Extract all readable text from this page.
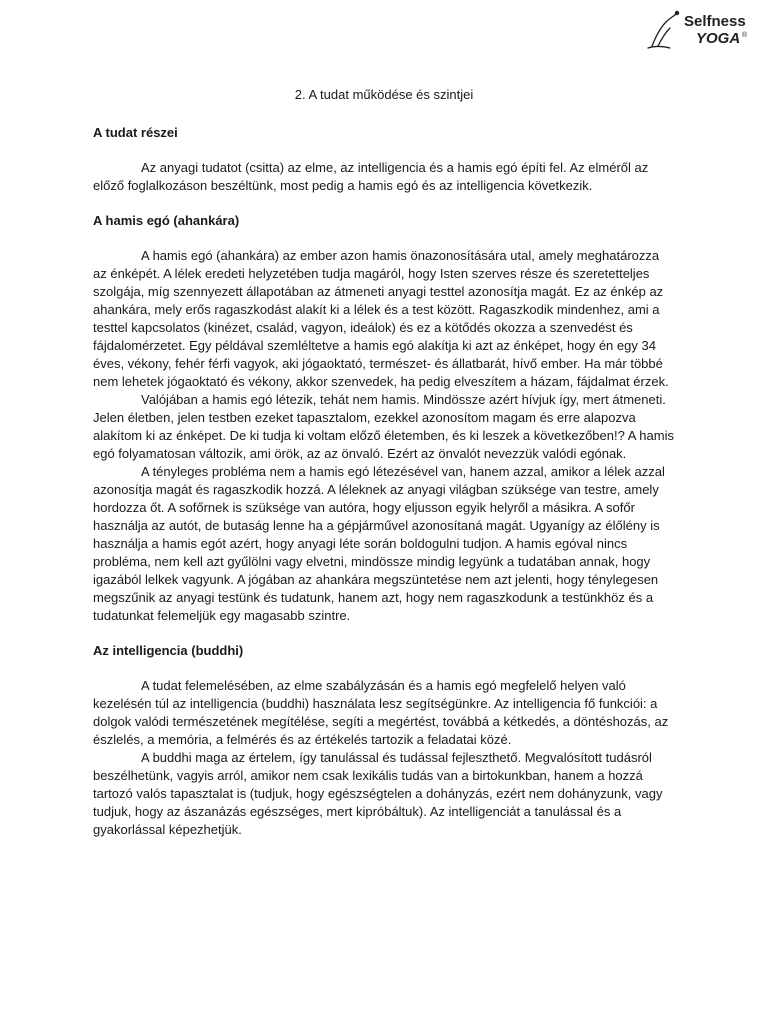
Selfness
YOGA ®
2. A tudat működése és szintjei
A tudat részei

Az anyagi tudatot (csitta) az elme, az intelligencia és a hamis egó építi fel. Az elméről az előző foglalkozáson beszéltünk, most pedig a hamis egó és az intelligencia következik.

A hamis egó (ahankára)

A hamis egó (ahankára) az ember azon hamis önazonosítására utal, amely meghatározza az énképét. A lélek eredeti helyzetében tudja magáról, hogy Isten szerves része és szeretetteljes szolgája, míg szennyezett állapotában az átmeneti anyagi testtel azonosítja magát. Ez az énkép az ahankára, mely erős ragaszkodást alakít ki a lélek és a test között. Ragaszkodik mindenhez, ami a testtel kapcsolatos (kinézet, család, vagyon, ideálok) és ez a kötődés okozza a szenvedést és fájdalomérzetet. Egy példával szemléltetve a hamis egó alakítja ki azt az énképet, hogy én egy 34 éves, vékony, fehér férfi vagyok, aki jógaoktató, természet- és állatbarát, hívő ember. Ha már többé nem lehetek jógaoktató és vékony, akkor szenvedek, ha pedig elveszítem a házam, fájdalmat érzek.

Valójában a hamis egó létezik, tehát nem hamis. Mindössze azért hívjuk így, mert átmeneti. Jelen életben, jelen testben ezeket tapasztalom, ezekkel azonosítom magam és erre alapozva alakítom ki az énképet. De ki tudja ki voltam előző életemben, és ki leszek a következőben!? A hamis egó folyamatosan változik, ami örök, az az önvaló. Ezért az önvalót nevezzük valódi egónak.

A tényleges probléma nem a hamis egó létezésével van, hanem azzal, amikor a lélek azzal azonosítja magát és ragaszkodik hozzá. A léleknek az anyagi világban szüksége van testre, amely hordozza őt. A sofőrnek is szüksége van autóra, hogy eljusson egyik helyről a másikra. A sofőr használja az autót, de butaság lenne ha a gépjárművel azonosítaná magát. Ugyanígy az élőlény is használja a hamis egót azért, hogy anyagi léte során boldogulni tudjon. A hamis egóval nincs probléma, nem kell azt gyűlölni vagy elvetni, mindössze mindig legyünk a tudatában annak, hogy igazából lelkek vagyunk. A jógában az ahankára megszüntetése nem azt jelenti, hogy ténylegesen megszűnik az anyagi testünk és tudatunk, hanem azt, hogy nem ragaszkodunk a testünkhöz és a tudatunkat felemeljük egy magasabb szintre.

Az intelligencia (buddhi)

A tudat felemelésében, az elme szabályzásán és a hamis egó megfelelő helyen való kezelésén túl az intelligencia (buddhi) használata lesz segítségünkre. Az intelligencia fő funkciói: a dolgok valódi természetének megítélése, segíti a megértést, továbbá a kétkedés, a döntéshozás, az észlelés, a memória, a felmérés és az értékelés tartozik a feladatai közé.

A buddhi maga az értelem, így tanulással és tudással fejleszthető. Megvalósított tudásról beszélhetünk, vagyis arról, amikor nem csak lexikális tudás van a birtokunkban, hanem a hozzá tartozó valós tapasztalat is (tudjuk, hogy egészségtelen a dohányzás, ezért nem dohányzunk, vagy tudjuk, hogy az ászanázás egészséges, mert kipróbáltuk). Az intelligenciát a tanulással és a gyakorlással képezhetjük.
